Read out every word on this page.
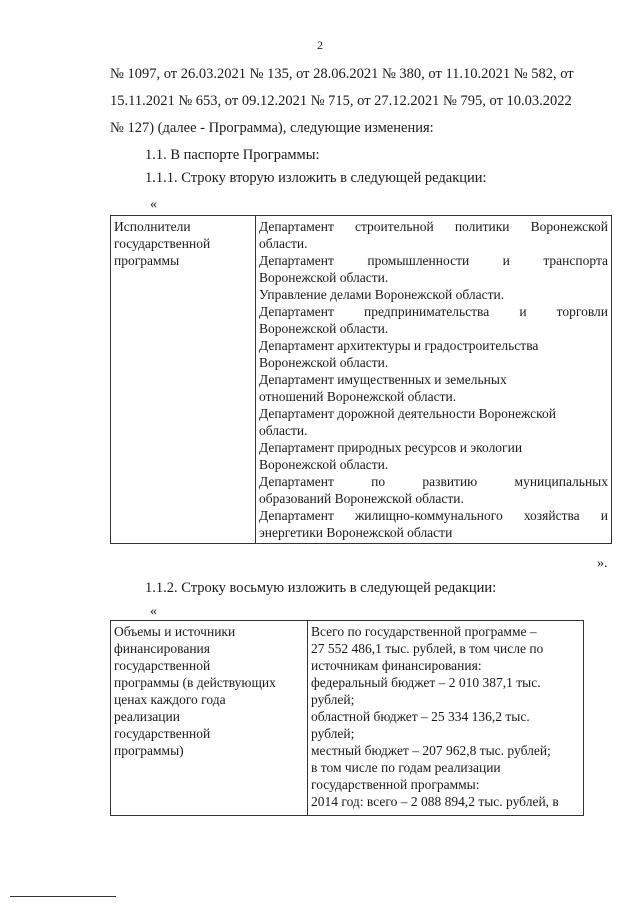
2
№ 1097, от 26.03.2021 № 135, от 28.06.2021 № 380, от 11.10.2021 № 582, от
15.11.2021 № 653, от 09.12.2021 № 715, от 27.12.2021 № 795, от 10.03.2022
№ 127) (далее - Программа), следующие изменения:
1.1. В паспорте Программы:
1.1.1. Строку вторую изложить в следующей редакции:
«
Исполнители государственной программы

Департамент строительной политики Воронежской
области.
Департамент промышленности и транспорта
Воронежской области.
Управление делами Воронежской области.
Департамент предпринимательства и торговли
Воронежской области.
Департамент архитектуры и градостроительства
Воронежской области.
Департамент имущественных и земельных
отношений Воронежской области.
Департамент дорожной деятельности Воронежской
области.
Департамент природных ресурсов и экологии
Воронежской области.
Департамент по развитию муниципальных
образований Воронежской области.
Департамент жилищно-коммунального хозяйства и
энергетики Воронежской области
».
1.1.2. Строку восьмую изложить в следующей редакции:
«
Объемы и источники
финансирования
государственной
программы (в действующих
ценах каждого года
реализации
государственной
программы)

Всего по государственной программе –
27 552 486,1 тыс. рублей, в том числе по
источникам финансирования:
федеральный бюджет – 2 010 387,1 тыс.
рублей;
областной бюджет – 25 334 136,2 тыс.
рублей;
местный бюджет – 207 962,8 тыс. рублей;
в том числе по годам реализации
государственной программы:
2014 год: всего – 2 088 894,2 тыс. рублей, в
